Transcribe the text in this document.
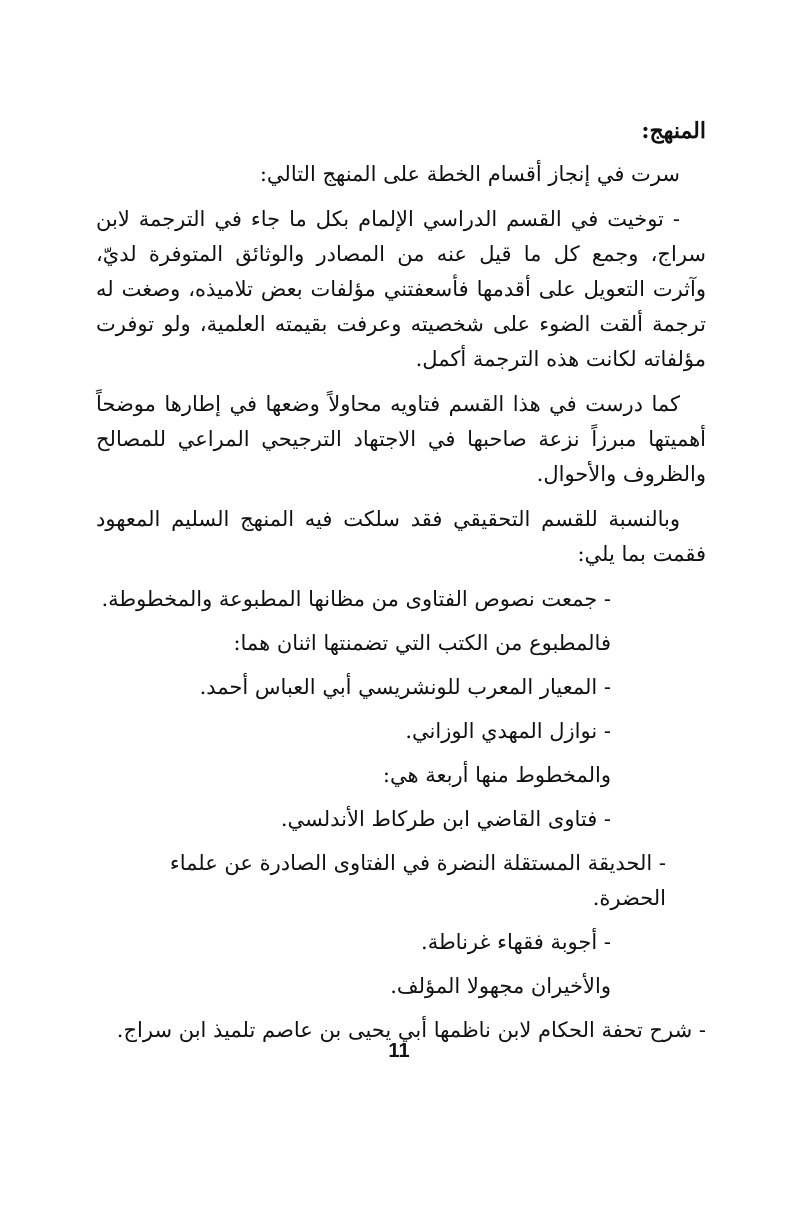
المنهج:

سرت في إنجاز أقسام الخطة على المنهج التالي:

- توخيت في القسم الدراسي الإلمام بكل ما جاء في الترجمة لابن سراج، وجمع كل ما قيل عنه من المصادر والوثائق المتوفرة لديّ، وآثرت التعويل على أقدمها فأسعفتني مؤلفات بعض تلاميذه، وصغت له ترجمة ألقت الضوء على شخصيته وعرفت بقيمته العلمية، ولو توفرت مؤلفاته لكانت هذه الترجمة أكمل.

كما درست في هذا القسم فتاويه محاولاً وضعها في إطارها موضحاً أهميتها مبرزاً نزعة صاحبها في الاجتهاد الترجيحي المراعي للمصالح والظروف والأحوال.

وبالنسبة للقسم التحقيقي فقد سلكت فيه المنهج السليم المعهود فقمت بما يلي:

- جمعت نصوص الفتاوى من مظانها المطبوعة والمخطوطة.
فالمطبوع من الكتب التي تضمنتها اثنان هما:
- المعيار المعرب للونشريسي أبي العباس أحمد.
- نوازل المهدي الوزاني.
والمخطوط منها أربعة هي:
- فتاوى القاضي ابن طركاط الأندلسي.
- الحديقة المستقلة النضرة في الفتاوى الصادرة عن علماء الحضرة.
- أجوبة فقهاء غرناطة.
والأخيران مجهولا المؤلف.

- شرح تحفة الحكام لابن ناظمها أبي يحيى بن عاصم تلميذ ابن سراج.

11
